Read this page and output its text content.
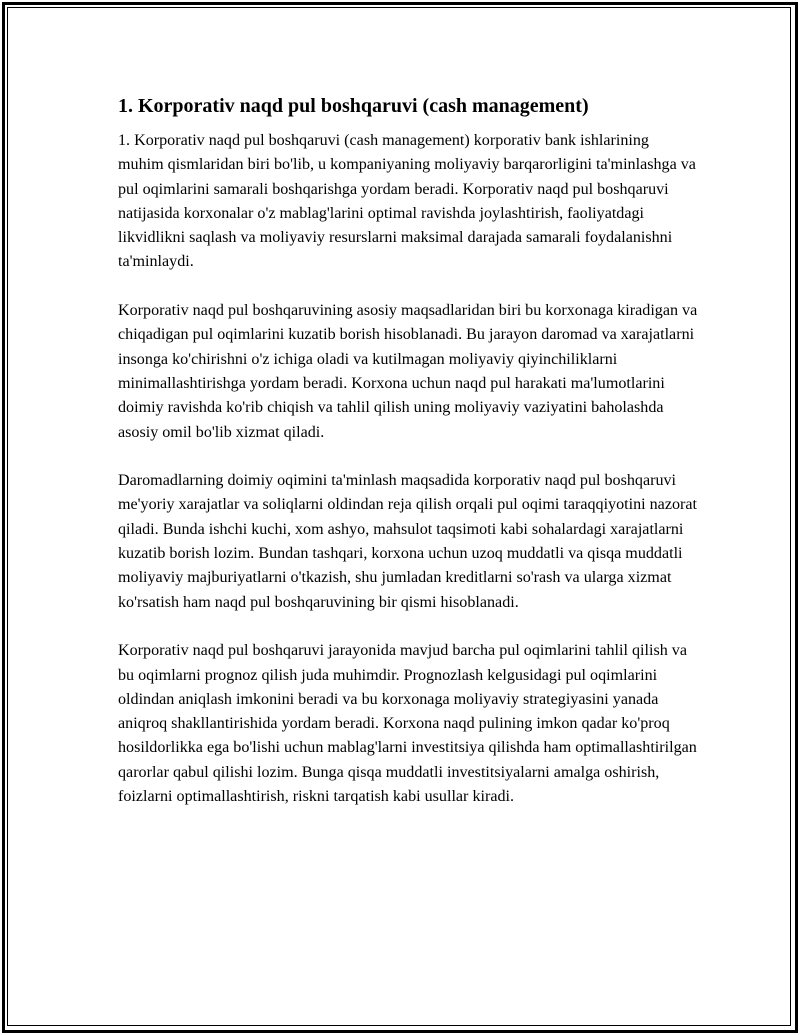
1. Korporativ naqd pul boshqaruvi (cash management)

1. Korporativ naqd pul boshqaruvi (cash management) korporativ bank ishlarining muhim qismlaridan biri bo'lib, u kompaniyaning moliyaviy barqarorligini ta'minlashga va pul oqimlarini samarali boshqarishga yordam beradi. Korporativ naqd pul boshqaruvi natijasida korxonalar o'z mablag'larini optimal ravishda joylashtirish, faoliyatdagi likvidlikni saqlash va moliyaviy resurslarni maksimal darajada samarali foydalanishni ta'minlaydi.

Korporativ naqd pul boshqaruvining asosiy maqsadlaridan biri bu korxonaga kiradigan va chiqadigan pul oqimlarini kuzatib borish hisoblanadi. Bu jarayon daromad va xarajatlarni insonga ko'chirishni o'z ichiga oladi va kutilmagan moliyaviy qiyinchiliklarni minimallashtirishga yordam beradi. Korxona uchun naqd pul harakati ma'lumotlarini doimiy ravishda ko'rib chiqish va tahlil qilish uning moliyaviy vaziyatini baholashda asosiy omil bo'lib xizmat qiladi.

Daromadlarning doimiy oqimini ta'minlash maqsadida korporativ naqd pul boshqaruvi me'yoriy xarajatlar va soliqlarni oldindan reja qilish orqali pul oqimi taraqqiyotini nazorat qiladi. Bunda ishchi kuchi, xom ashyo, mahsulot taqsimoti kabi sohalardagi xarajatlarni kuzatib borish lozim. Bundan tashqari, korxona uchun uzoq muddatli va qisqa muddatli moliyaviy majburiyatlarni o'tkazish, shu jumladan kreditlarni so'rash va ularga xizmat ko'rsatish ham naqd pul boshqaruvining bir qismi hisoblanadi.

Korporativ naqd pul boshqaruvi jarayonida mavjud barcha pul oqimlarini tahlil qilish va bu oqimlarni prognoz qilish juda muhimdir. Prognozlash kelgusidagi pul oqimlarini oldindan aniqlash imkonini beradi va bu korxonaga moliyaviy strategiyasini yanada aniqroq shakllantirishida yordam beradi. Korxona naqd pulining imkon qadar ko'proq hosildorlikka ega bo'lishi uchun mablag'larni investitsiya qilishda ham optimallashtirilgan qarorlar qabul qilishi lozim. Bunga qisqa muddatli investitsiyalarni amalga oshirish, foizlarni optimallashtirish, riskni tarqatish kabi usullar kiradi.
